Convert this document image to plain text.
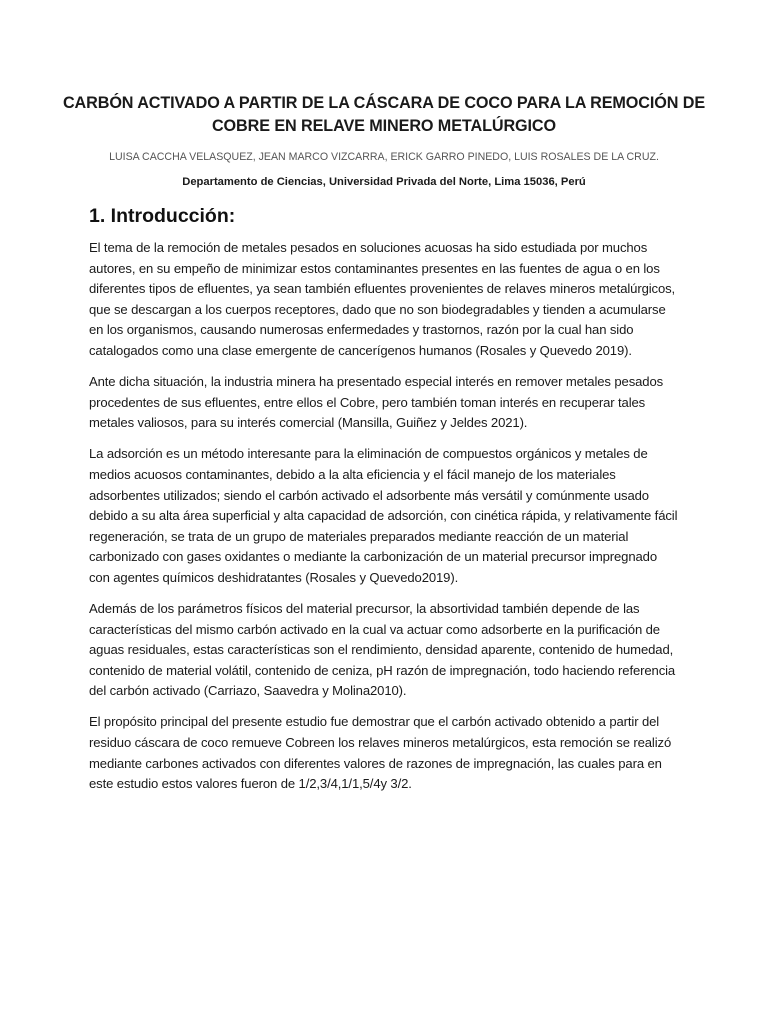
CARBÓN ACTIVADO A PARTIR DE LA CÁSCARA DE COCO PARA LA REMOCIÓN DE COBRE EN RELAVE MINERO METALÚRGICO

LUISA CACCHA VELASQUEZ, JEAN MARCO VIZCARRA, ERICK GARRO PINEDO, LUIS ROSALES DE LA CRUZ.

Departamento de Ciencias, Universidad Privada del Norte, Lima 15036, Perú

1. Introducción:

El tema de la remoción de metales pesados en soluciones acuosas ha sido estudiada por muchos autores, en su empeño de minimizar estos contaminantes presentes en las fuentes de agua o en los diferentes tipos de efluentes, ya sean también efluentes provenientes de relaves mineros metalúrgicos, que se descargan a los cuerpos receptores, dado que no son biodegradables y tienden a acumularse en los organismos, causando numerosas enfermedades y trastornos, razón por la cual han sido catalogados como una clase emergente de cancerígenos humanos (Rosales y Quevedo 2019).

Ante dicha situación, la industria minera ha presentado especial interés en remover metales pesados procedentes de sus efluentes, entre ellos el Cobre, pero también toman interés en recuperar tales metales valiosos, para su interés comercial (Mansilla, Guiñez y Jeldes 2021).

La adsorción es un método interesante para la eliminación de compuestos orgánicos y metales de medios acuosos contaminantes, debido a la alta eficiencia y el fácil manejo de los materiales adsorbentes utilizados; siendo el carbón activado el adsorbente más versátil y comúnmente usado debido a su alta área superficial y alta capacidad de adsorción, con cinética rápida, y relativamente fácil regeneración, se trata de un grupo de materiales preparados mediante reacción de un material carbonizado con gases oxidantes o mediante la carbonización de un material precursor impregnado con agentes químicos deshidratantes (Rosales y Quevedo2019).

Además de los parámetros físicos del material precursor, la absortividad también depende de las características del mismo carbón activado en la cual va actuar como adsorberte en la purificación de aguas residuales, estas características son el rendimiento, densidad aparente, contenido de humedad, contenido de material volátil, contenido de ceniza, pH razón de impregnación, todo haciendo referencia del carbón activado (Carriazo, Saavedra y Molina2010).

El propósito principal del presente estudio fue demostrar que el carbón activado obtenido a partir del residuo cáscara de coco remueve Cobreen los relaves mineros metalúrgicos, esta remoción se realizó mediante carbones activados con diferentes valores de razones de impregnación, las cuales para en este estudio estos valores fueron de 1/2,3/4,1/1,5/4y 3/2.
